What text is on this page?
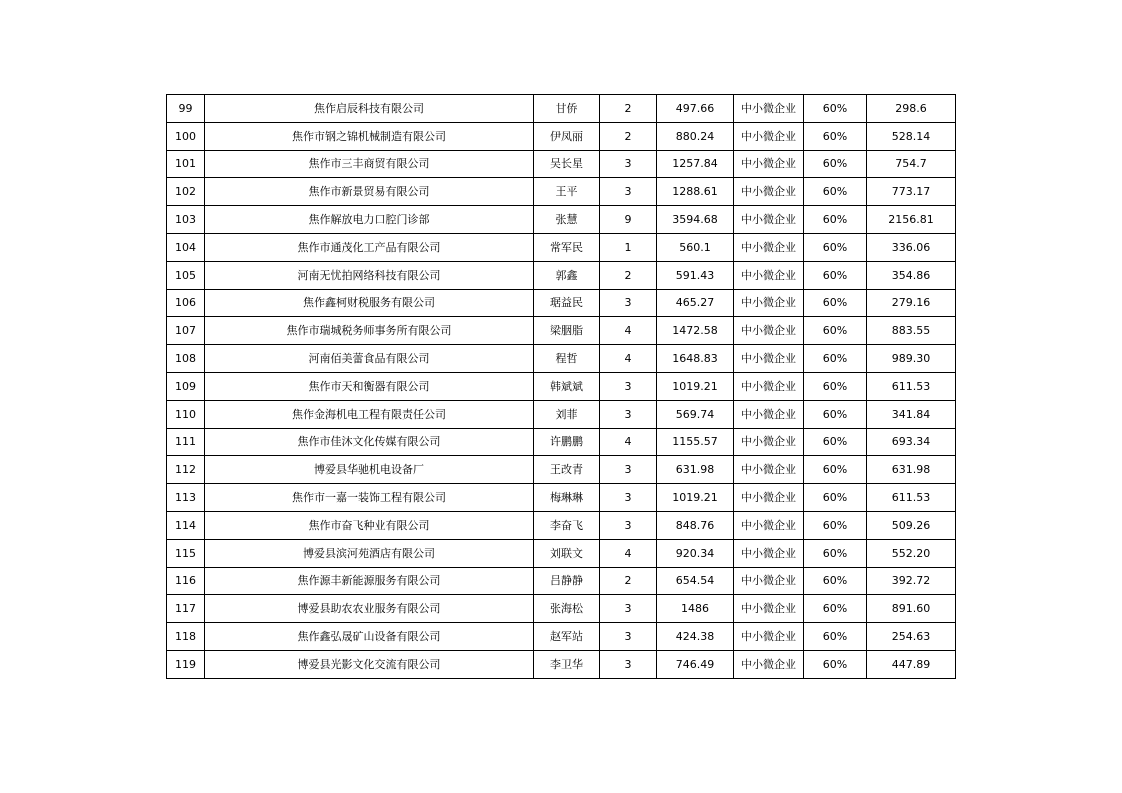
99	焦作启辰科技有限公司	甘侨	2	497.66	中小微企业	60%	298.6
100	焦作市钢之锦机械制造有限公司	伊凤丽	2	880.24	中小微企业	60%	528.14
101	焦作市三丰商贸有限公司	吴长星	3	1257.84	中小微企业	60%	754.7
102	焦作市新景贸易有限公司	王平	3	1288.61	中小微企业	60%	773.17
103	焦作解放电力口腔门诊部	张慧	9	3594.68	中小微企业	60%	2156.81
104	焦作市通茂化工产品有限公司	常军民	1	560.1	中小微企业	60%	336.06
105	河南无忧拍网络科技有限公司	郭鑫	2	591.43	中小微企业	60%	354.86
106	焦作鑫柯财税服务有限公司	琚益民	3	465.27	中小微企业	60%	279.16
107	焦作市瑞城税务师事务所有限公司	梁胭脂	4	1472.58	中小微企业	60%	883.55
108	河南佰美蕾食品有限公司	程哲	4	1648.83	中小微企业	60%	989.30
109	焦作市天和衡器有限公司	韩斌斌	3	1019.21	中小微企业	60%	611.53
110	焦作金海机电工程有限责任公司	刘菲	3	569.74	中小微企业	60%	341.84
111	焦作市佳沐文化传媒有限公司	许鹏鹏	4	1155.57	中小微企业	60%	693.34
112	博爱县华驰机电设备厂	王改青	3	631.98	中小微企业	60%	631.98
113	焦作市一嘉一装饰工程有限公司	梅琳琳	3	1019.21	中小微企业	60%	611.53
114	焦作市奋飞种业有限公司	李奋飞	3	848.76	中小微企业	60%	509.26
115	博爱县滨河苑酒店有限公司	刘联文	4	920.34	中小微企业	60%	552.20
116	焦作源丰新能源服务有限公司	吕静静	2	654.54	中小微企业	60%	392.72
117	博爱县助农农业服务有限公司	张海松	3	1486	中小微企业	60%	891.60
118	焦作鑫弘晟矿山设备有限公司	赵军站	3	424.38	中小微企业	60%	254.63
119	博爱县光影文化交流有限公司	李卫华	3	746.49	中小微企业	60%	447.89
